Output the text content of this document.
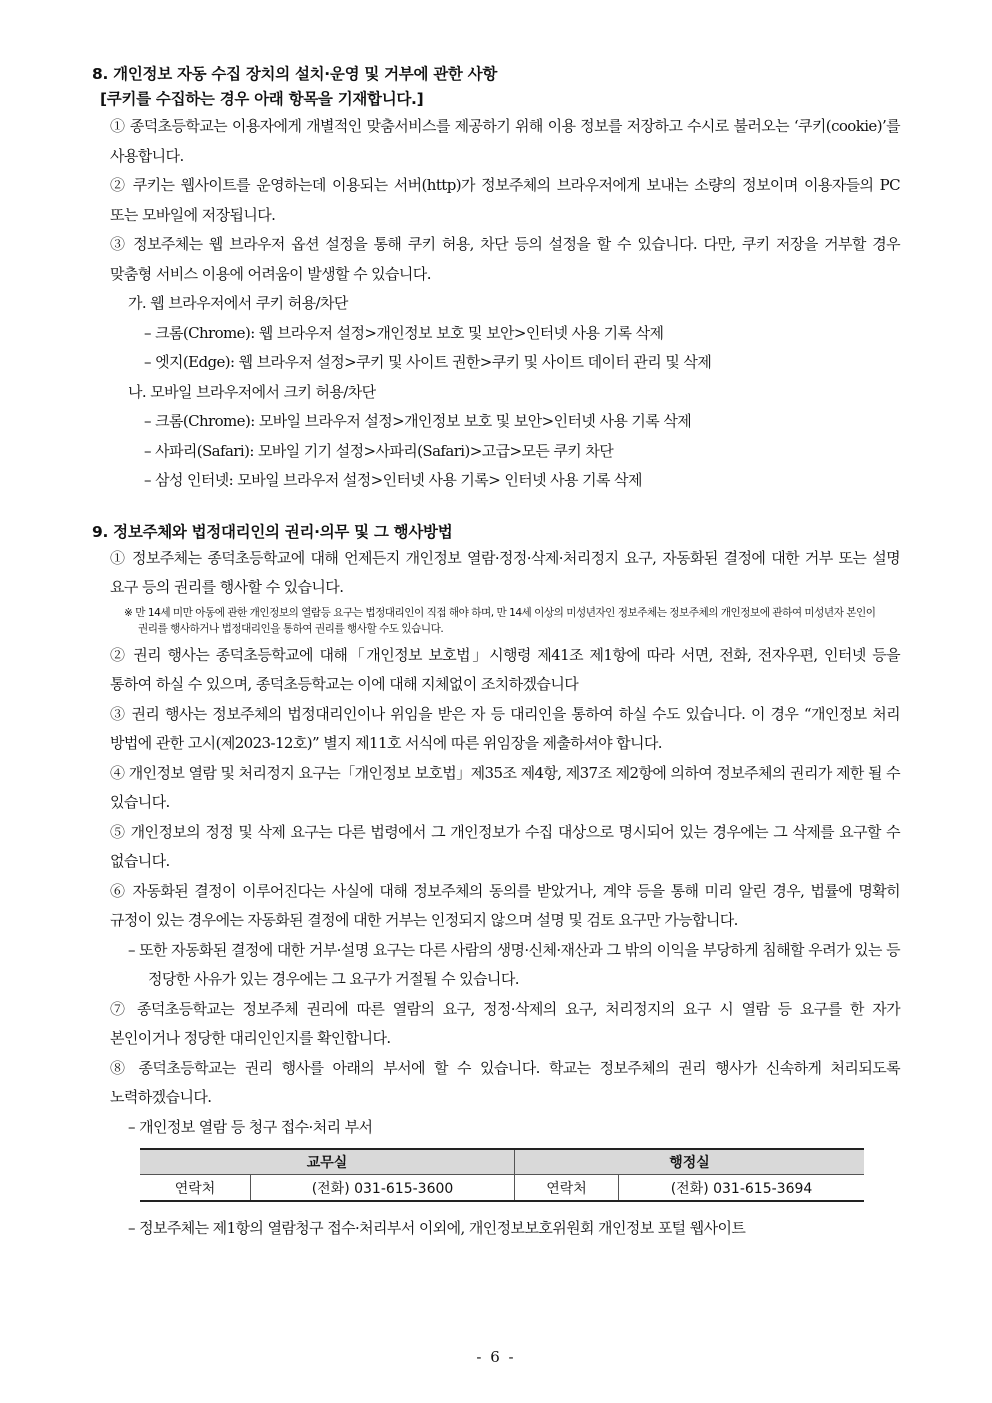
8. 개인정보 자동 수집 장치의 설치·운영 및 거부에 관한 사항
[쿠키를 수집하는 경우 아래 항목을 기재합니다.]
① 종덕초등학교는 이용자에게 개별적인 맞춤서비스를 제공하기 위해 이용 정보를 저장하고 수시로 불러오는 ‘쿠키(cookie)’를 사용합니다.
② 쿠키는 웹사이트를 운영하는데 이용되는 서버(http)가 정보주체의 브라우저에게 보내는 소량의 정보이며 이용자들의 PC 또는 모바일에 저장됩니다.
③ 정보주체는 웹 브라우저 옵션 설정을 통해 쿠키 허용, 차단 등의 설정을 할 수 있습니다. 다만, 쿠키 저장을 거부할 경우 맞춤형 서비스 이용에 어려움이 발생할 수 있습니다.
가. 웹 브라우저에서 쿠키 허용/차단
– 크롬(Chrome): 웹 브라우저 설정>개인정보 보호 및 보안>인터넷 사용 기록 삭제
– 엣지(Edge): 웹 브라우저 설정>쿠키 및 사이트 권한>쿠키 및 사이트 데이터 관리 및 삭제
나. 모바일 브라우저에서 크키 허용/차단
– 크롬(Chrome): 모바일 브라우저 설정>개인정보 보호 및 보안>인터넷 사용 기록 삭제
– 사파리(Safari): 모바일 기기 설정>사파리(Safari)>고급>모든 쿠키 차단
– 삼성 인터넷: 모바일 브라우저 설정>인터넷 사용 기록> 인터넷 사용 기록 삭제
9. 정보주체와 법정대리인의 권리·의무 및 그 행사방법
① 정보주체는 종덕초등학교에 대해 언제든지 개인정보 열람·정정·삭제·처리정지 요구, 자동화된 결정에 대한 거부 또는 설명 요구 등의 권리를 행사할 수 있습니다.
※ 만 14세 미만 아동에 관한 개인정보의 열람등 요구는 법정대리인이 직접 해야 하며, 만 14세 이상의 미성년자인 정보주체는 정보주체의 개인정보에 관하여 미성년자 본인이 권리를 행사하거나 법정대리인을 통하여 권리를 행사할 수도 있습니다.
② 권리 행사는 종덕초등학교에 대해「개인정보 보호법」시행령 제41조 제1항에 따라 서면, 전화, 전자우편, 인터넷 등을 통하여 하실 수 있으며, 종덕초등학교는 이에 대해 지체없이 조치하겠습니다
③ 권리 행사는 정보주체의 법정대리인이나 위임을 받은 자 등 대리인을 통하여 하실 수도 있습니다. 이 경우 “개인정보 처리 방법에 관한 고시(제2023-12호)” 별지 제11호 서식에 따른 위임장을 제출하셔야 합니다.
④ 개인정보 열람 및 처리정지 요구는「개인정보 보호법」제35조 제4항, 제37조 제2항에 의하여 정보주체의 권리가 제한 될 수 있습니다.
⑤ 개인정보의 정정 및 삭제 요구는 다른 법령에서 그 개인정보가 수집 대상으로 명시되어 있는 경우에는 그 삭제를 요구할 수 없습니다.
⑥ 자동화된 결정이 이루어진다는 사실에 대해 정보주체의 동의를 받았거나, 계약 등을 통해 미리 알린 경우, 법률에 명확히 규정이 있는 경우에는 자동화된 결정에 대한 거부는 인정되지 않으며 설명 및 검토 요구만 가능합니다.
– 또한 자동화된 결정에 대한 거부·설명 요구는 다른 사람의 생명·신체·재산과 그 밖의 이익을 부당하게 침해할 우려가 있는 등 정당한 사유가 있는 경우에는 그 요구가 거절될 수 있습니다.
⑦ 종덕초등학교는 정보주체 권리에 따른 열람의 요구, 정정·삭제의 요구, 처리정지의 요구 시 열람 등 요구를 한 자가 본인이거나 정당한 대리인인지를 확인합니다.
⑧ 종덕초등학교는 권리 행사를 아래의 부서에 할 수 있습니다. 학교는 정보주체의 권리 행사가 신속하게 처리되도록 노력하겠습니다.
– 개인정보 열람 등 청구 접수·처리 부서
교무실		행정실	
연락처	(전화) 031-615-3600	연락처	(전화) 031-615-3694
– 정보주체는 제1항의 열람청구 접수·처리부서 이외에, 개인정보보호위원회 개인정보 포털 웹사이트
- 6 -
